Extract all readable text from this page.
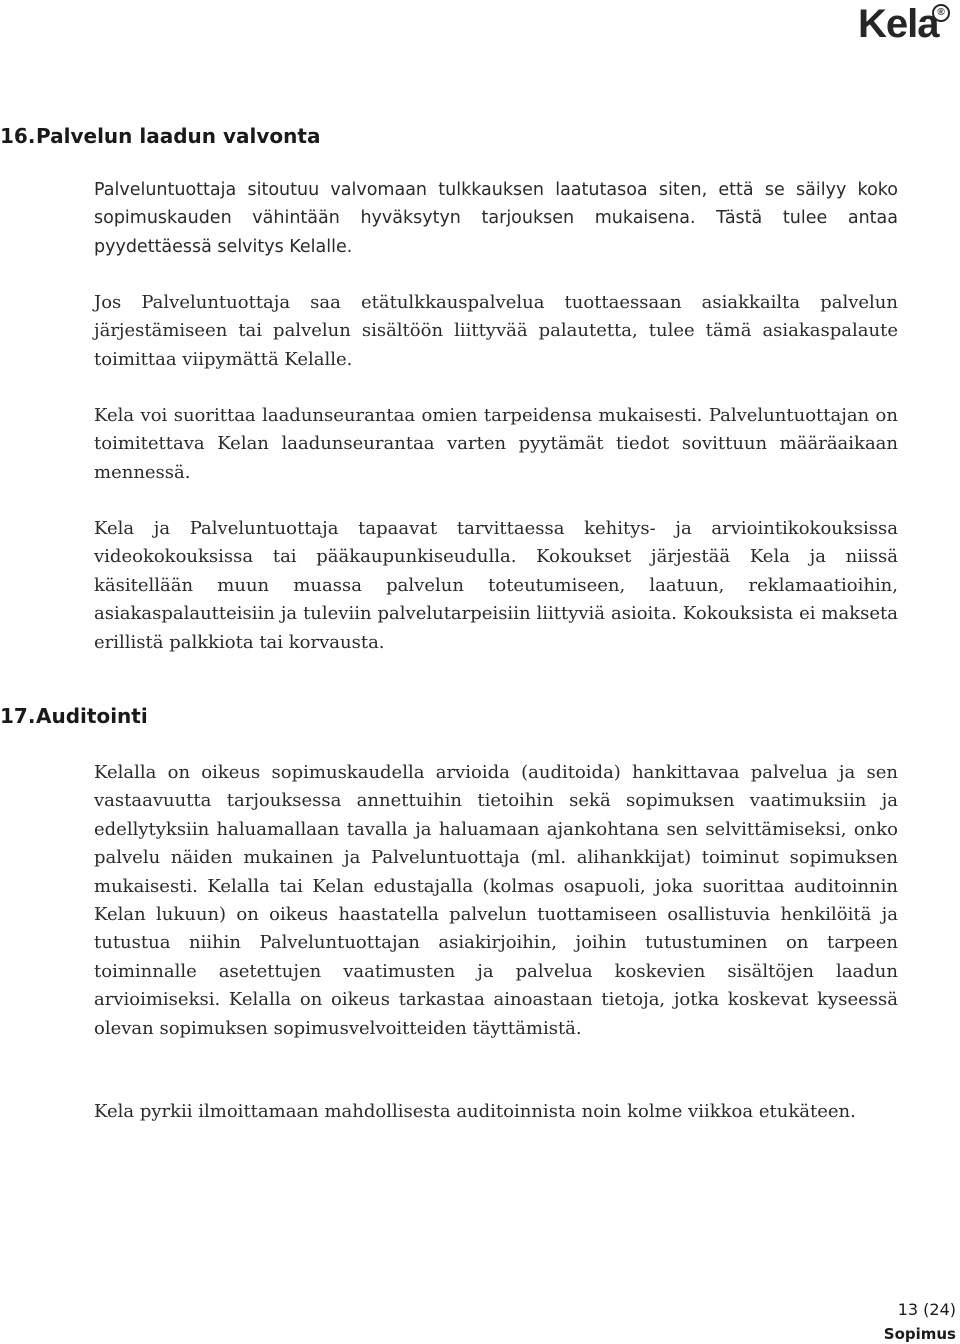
Kela
®
16.Palvelun laadun valvonta

Palveluntuottaja sitoutuu valvomaan tulkkauksen laatutasoa siten, että se säilyy koko sopimuskauden vähintään hyväksytyn tarjouksen mukaisena. Tästä tulee antaa pyydettäessä selvitys Kelalle.

Jos Palveluntuottaja saa etätulkkauspalvelua tuottaessaan asiakkailta palvelun järjestämiseen tai palvelun sisältöön liittyvää palautetta, tulee tämä asiakaspalaute toimittaa viipymättä Kelalle.

Kela voi suorittaa laadunseurantaa omien tarpeidensa mukaisesti. Palveluntuottajan on toimitettava Kelan laadunseurantaa varten pyytämät tiedot sovittuun määräaikaan mennessä.

Kela ja Palveluntuottaja tapaavat tarvittaessa kehitys- ja arviointikokouksissa videokokouksissa tai pääkaupunkiseudulla. Kokoukset järjestää Kela ja niissä käsitellään muun muassa palvelun toteutumiseen, laatuun, reklamaatioihin, asiakaspalautteisiin ja tuleviin palvelutarpeisiin liittyviä asioita. Kokouksista ei makseta erillistä palkkiota tai korvausta.

17.Auditointi

Kelalla on oikeus sopimuskaudella arvioida (auditoida) hankittavaa palvelua ja sen vastaavuutta tarjouksessa annettuihin tietoihin sekä sopimuksen vaatimuksiin ja edellytyksiin haluamallaan tavalla ja haluamaan ajankohtana sen selvittämiseksi, onko palvelu näiden mukainen ja Palveluntuottaja (ml. alihankkijat) toiminut sopimuksen mukaisesti. Kelalla tai Kelan edustajalla (kolmas osapuoli, joka suorittaa auditoinnin Kelan lukuun) on oikeus haastatella palvelun tuottamiseen osallistuvia henkilöitä ja tutustua niihin Palveluntuottajan asiakirjoihin, joihin tutustuminen on tarpeen toiminnalle asetettujen vaatimusten ja palvelua koskevien sisältöjen laadun arvioimiseksi. Kelalla on oikeus tarkastaa ainoastaan tietoja, jotka koskevat kyseessä olevan sopimuksen sopimusvelvoitteiden täyttämistä.

Kela pyrkii ilmoittamaan mahdollisesta auditoinnista noin kolme viikkoa etukäteen.

13 (24)
Sopimus
